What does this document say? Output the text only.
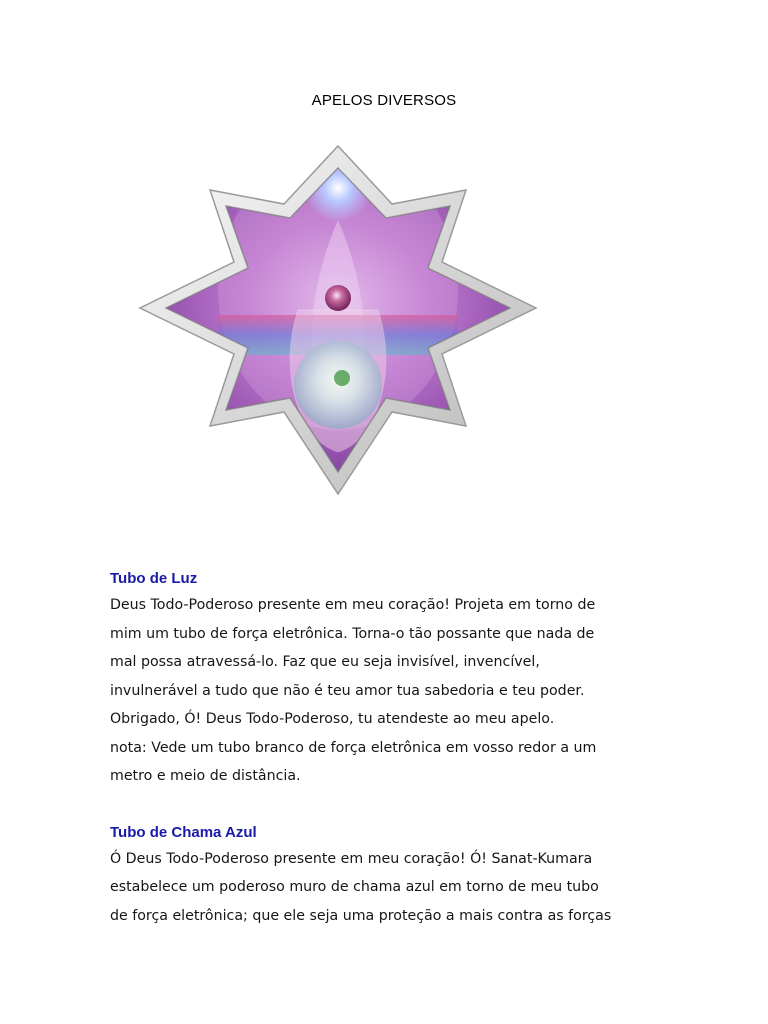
APELOS DIVERSOS

Tubo de Luz

Deus Todo-Poderoso presente em meu coração! Projeta em torno de

mim um tubo de força eletrônica. Torna-o tão possante que nada de

mal possa atravessá-lo. Faz que eu seja invisível, invencível,

invulnerável a tudo que não é teu amor tua sabedoria e teu poder.

Obrigado, Ó! Deus Todo-Poderoso, tu atendeste ao meu apelo.

nota: Vede um tubo branco de força eletrônica em vosso redor a um

metro e meio de distância.

Tubo de Chama Azul

Ó Deus Todo-Poderoso presente em meu coração! Ó! Sanat-Kumara

estabelece um poderoso muro de chama azul em torno de meu tubo

de força eletrônica; que ele seja uma proteção a mais contra as forças
